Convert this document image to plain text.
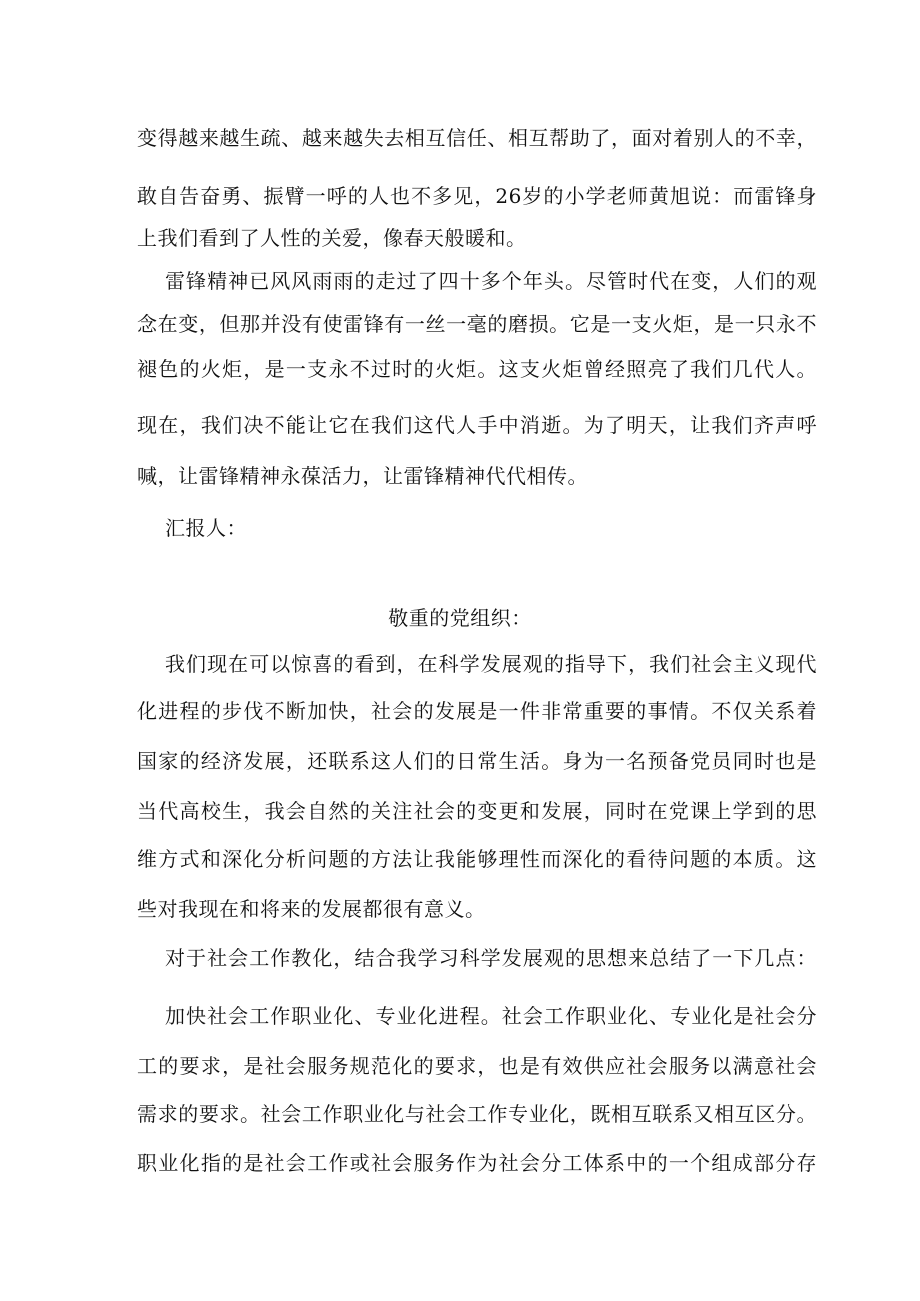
变得越来越生疏、越来越失去相互信任、相互帮助了，面对着别人的不幸，
敢自告奋勇、振臂一呼的人也不多见，26岁的小学老师黄旭说：而雷锋身
上我们看到了人性的关爱，像春天般暖和。
雷锋精神已风风雨雨的走过了四十多个年头。尽管时代在变，人们的观
念在变，但那并没有使雷锋有一丝一毫的磨损。它是一支火炬，是一只永不
褪色的火炬，是一支永不过时的火炬。这支火炬曾经照亮了我们几代人。
现在，我们决不能让它在我们这代人手中消逝。为了明天，让我们齐声呼
喊，让雷锋精神永葆活力，让雷锋精神代代相传。
汇报人：
敬重的党组织：
我们现在可以惊喜的看到，在科学发展观的指导下，我们社会主义现代
化进程的步伐不断加快，社会的发展是一件非常重要的事情。不仅关系着
国家的经济发展，还联系这人们的日常生活。身为一名预备党员同时也是
当代高校生，我会自然的关注社会的变更和发展，同时在党课上学到的思
维方式和深化分析问题的方法让我能够理性而深化的看待问题的本质。这
些对我现在和将来的发展都很有意义。
对于社会工作教化，结合我学习科学发展观的思想来总结了一下几点：
加快社会工作职业化、专业化进程。社会工作职业化、专业化是社会分
工的要求，是社会服务规范化的要求，也是有效供应社会服务以满意社会
需求的要求。社会工作职业化与社会工作专业化，既相互联系又相互区分。
职业化指的是社会工作或社会服务作为社会分工体系中的一个组成部分存
